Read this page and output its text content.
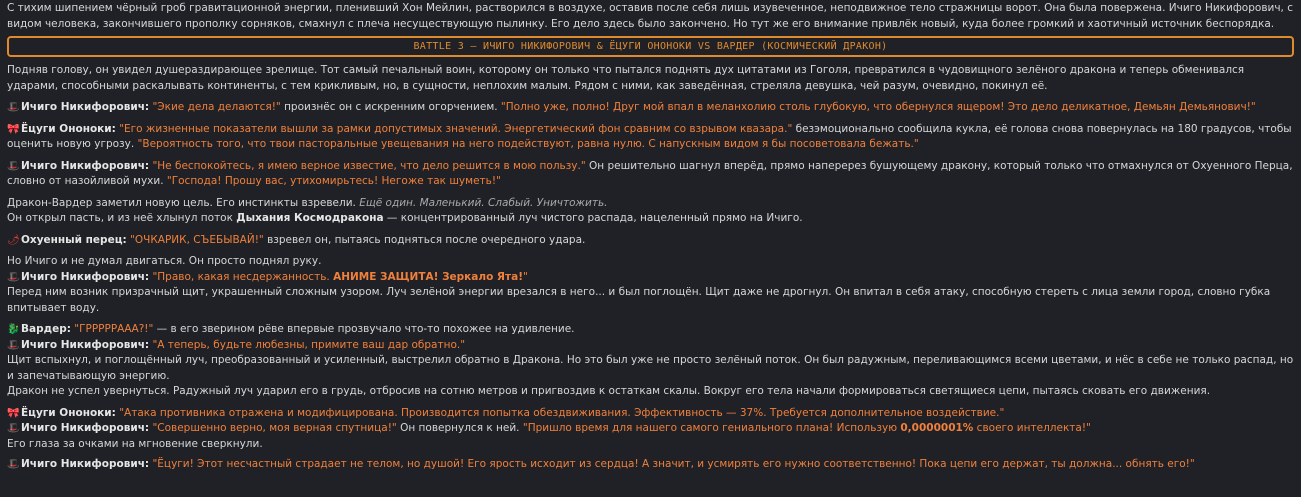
С тихим шипением чёрный гроб гравитационной энергии, пленивший Хон Мейлин, растворился в воздухе, оставив после себя лишь изувеченное, неподвижное тело стражницы ворот. Она была повержена. Ичиго Никифорович, с видом человека, закончившего прополку сорняков, смахнул с плеча несуществующую пылинку. Его дело здесь было закончено. Но тут же его внимание привлёк новый, куда более громкий и хаотичный источник беспорядка.

BATTLE 3 – ИЧИГО НИКИФОРОВИЧ & ЁЦУГИ ОНОНОКИ VS ВАРДЕР (КОСМИЧЕСКИЙ ДРАКОН)

Подняв голову, он увидел душераздирающее зрелище. Тот самый печальный воин, которому он только что пытался поднять дух цитатами из Гоголя, превратился в чудовищного зелёного дракона и теперь обменивался ударами, способными раскалывать континенты, с тем крикливым, но, в сущности, неплохим малым. Рядом с ними, как заведённая, стреляла девушка, чей разум, очевидно, покинул её.

🎩 Ичиго Никифорович: "Экие дела делаются!" произнёс он с искренним огорчением. "Полно уже, полно! Друг мой впал в меланхолию столь глубокую, что обернулся ящером! Это дело деликатное, Демьян Демьянович!"

🎀 Ёцуги Ононоки: "Его жизненные показатели вышли за рамки допустимых значений. Энергетический фон сравним со взрывом квазара." безэмоционально сообщила кукла, её голова снова повернулась на 180 градусов, чтобы оценить новую угрозу. "Вероятность того, что твои пасторальные увещевания на него подействуют, равна нулю. С напускным видом я бы посоветовала бежать."

🎩 Ичиго Никифорович: "Не беспокойтесь, я имею верное известие, что дело решится в мою пользу." Он решительно шагнул вперёд, прямо наперерез бушующему дракону, который только что отмахнулся от Охуенного Перца, словно от назойливой мухи. "Господа! Прошу вас, утихомирьтесь! Негоже так шуметь!"

Дракон-Вардер заметил новую цель. Его инстинкты взревели. Ещё один. Маленький. Слабый. Уничтожить.

Он открыл пасть, и из неё хлынул поток Дыхания Космодракона — концентрированный луч чистого распада, нацеленный прямо на Ичиго.

🌶Охуенный перец: "ОЧКАРИК, СЪЕБЫВАЙ!" взревел он, пытаясь подняться после очередного удара.

Но Ичиго и не думал двигаться. Он просто поднял руку.

🎩 Ичиго Никифорович: "Право, какая несдержанность. АНИМЕ ЗАЩИТА! Зеркало Ята!"

Перед ним возник призрачный щит, украшенный сложным узором. Луч зелёной энергии врезался в него... и был поглощён. Щит даже не дрогнул. Он впитал в себя атаку, способную стереть с лица земли город, словно губка впитывает воду.

🐉 Вардер: "ГРРРРРААА?!" — в его зверином рёве впервые прозвучало что-то похожее на удивление.

🎩 Ичиго Никифорович: "А теперь, будьте любезны, примите ваш дар обратно."

Щит вспыхнул, и поглощённый луч, преобразованный и усиленный, выстрелил обратно в Дракона. Но это был уже не просто зелёный поток. Он был радужным, переливающимся всеми цветами, и нёс в себе не только распад, но и запечатывающую энергию.

Дракон не успел увернуться. Радужный луч ударил его в грудь, отбросив на сотню метров и пригвоздив к остаткам скалы. Вокруг его тела начали формироваться светящиеся цепи, пытаясь сковать его движения.

🎀 Ёцуги Ононоки: "Атака противника отражена и модифицирована. Производится попытка обездвиживания. Эффективность — 37%. Требуется дополнительное воздействие."

🎩 Ичиго Никифорович: "Совершенно верно, моя верная спутница!" Он повернулся к ней. "Пришло время для нашего самого гениального плана! Использую 0,0000001% своего интеллекта!"

Его глаза за очками на мгновение сверкнули.

🎩 Ичиго Никифорович: "Ёцуги! Этот несчастный страдает не телом, но душой! Его ярость исходит из сердца! А значит, и усмирять его нужно соответственно! Пока цепи его держат, ты должна... обнять его!"
